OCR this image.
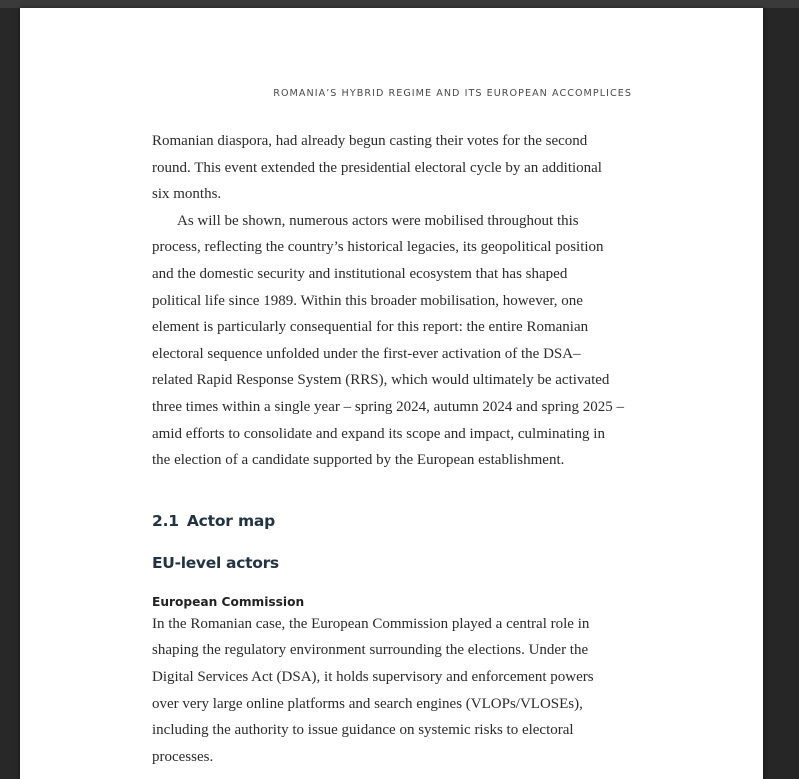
ROMANIA’S HYBRID REGIME AND ITS EUROPEAN ACCOMPLICES

Romanian diaspora, had already begun casting their votes for the second
round. This event extended the presidential electoral cycle by an additional
six months.

As will be shown, numerous actors were mobilised throughout this
process, reflecting the country’s historical legacies, its geopolitical position
and the domestic security and institutional ecosystem that has shaped
political life since 1989. Within this broader mobilisation, however, one
element is particularly consequential for this report: the entire Romanian
electoral sequence unfolded under the first-ever activation of the DSA–
related Rapid Response System (RRS), which would ultimately be activated
three times within a single year – spring 2024, autumn 2024 and spring 2025 –
amid efforts to consolidate and expand its scope and impact, culminating in
the election of a candidate supported by the European establishment.

2.1 Actor map
EU-level actors
European Commission

In the Romanian case, the European Commission played a central role in
shaping the regulatory environment surrounding the elections. Under the
Digital Services Act (DSA), it holds supervisory and enforcement powers
over very large online platforms and search engines (VLOPs/VLOSEs),
including the authority to issue guidance on systemic risks to electoral
processes.
